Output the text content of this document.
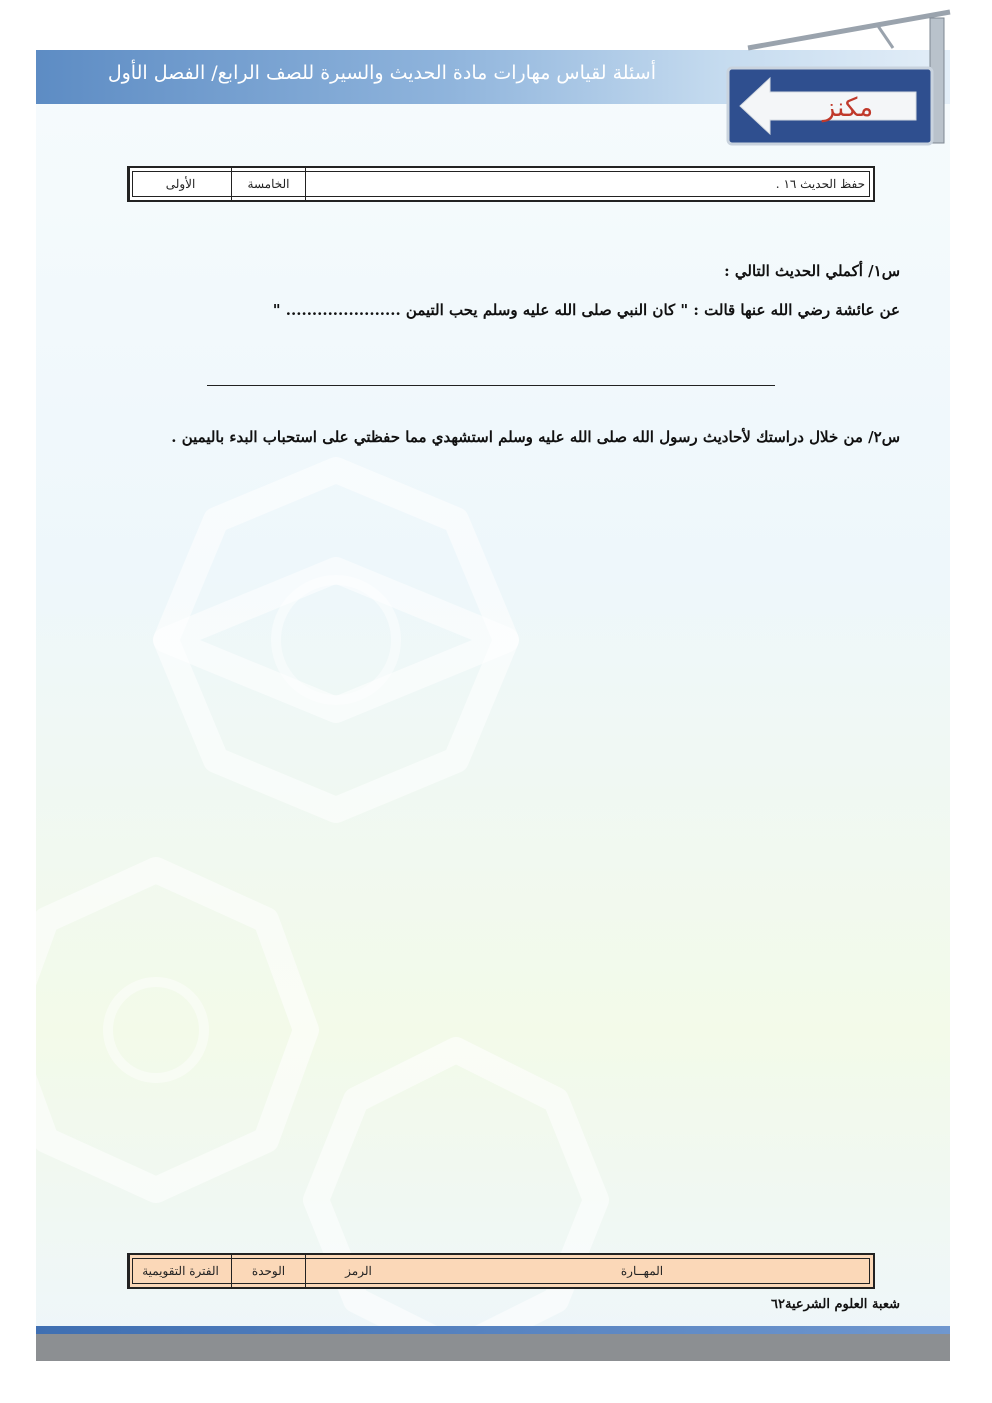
أسئلة لقياس مهارات مادة الحديث والسيرة للصف الرابع/ الفصل الأول
مكنز
الأولى	الخامسة	حفظ الحديث ١٦ .
س١/ أكملي الحديث التالي :
عن عائشة رضي الله عنها قالت : " كان النبي صلى الله عليه وسلم يحب التيمن ...................... "
س٢/ من خلال دراستك لأحاديث رسول الله صلى الله عليه وسلم استشهدي مما حفظتي على استحباب البدء باليمين .
الفترة التقويمية	الوحدة	الرمز	المهــارة
شعبة العلوم الشرعية٦٢
